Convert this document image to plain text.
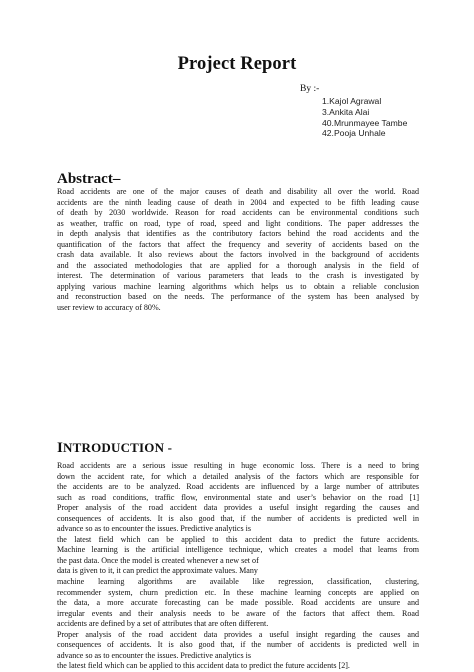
Project Report
By :-
1.Kajol Agrawal
3.Ankita Alai
40.Mrunmayee Tambe
42.Pooja Unhale
Abstract–
Road accidents are one of the major causes of death and disability all over the world. Road
accidents are the ninth leading cause of death in 2004 and expected to be fifth leading cause
of death by 2030 worldwide. Reason for road accidents can be environmental conditions such
as weather, traffic on road, type of road, speed and light conditions. The paper addresses the
in depth analysis that identifies as the contributory factors behind the road accidents and the
quantification of the factors that affect the frequency and severity of accidents based on the
crash data available. It also reviews about the factors involved in the background of accidents
and the associated methodologies that are applied for a thorough analysis in the field of
interest. The determination of various parameters that leads to the crash is investigated by
applying various machine learning algorithms which helps us to obtain a reliable conclusion
and reconstruction based on the needs. The performance of the system has been analysed by
user review to accuracy of 80%.
INTRODUCTION -
Road accidents are a serious issue resulting in huge economic loss. There is a need to bring
down the accident rate, for which a detailed analysis of the factors which are responsible for
the accidents are to be analyzed. Road accidents are influenced by a large number of attributes
such as road conditions, traffic flow, environmental state and user’s behavior on the road [1]
Proper analysis of the road accident data provides a useful insight regarding the causes and
consequences of accidents. It is also good that, if the number of accidents is predicted well in
advance so as to encounter the issues. Predictive analytics is
the latest field which can be applied to this accident data to predict the future accidents.
Machine learning is the artificial intelligence technique, which creates a model that learns from
the past data. Once the model is created whenever a new set of
data is given to it, it can predict the approximate values. Many
machine learning algorithms are available like regression, classification, clustering,
recommender system, churn prediction etc. In these machine learning concepts are applied on
the data, a more accurate forecasting can be made possible. Road accidents are unsure and
irregular events and their analysis needs to be aware of the factors that affect them. Road
accidents are defined by a set of attributes that are often different.
Proper analysis of the road accident data provides a useful insight regarding the causes and
consequences of accidents. It is also good that, if the number of accidents is predicted well in
advance so as to encounter the issues. Predictive analytics is
the latest field which can be applied to this accident data to predict the future accidents [2].
